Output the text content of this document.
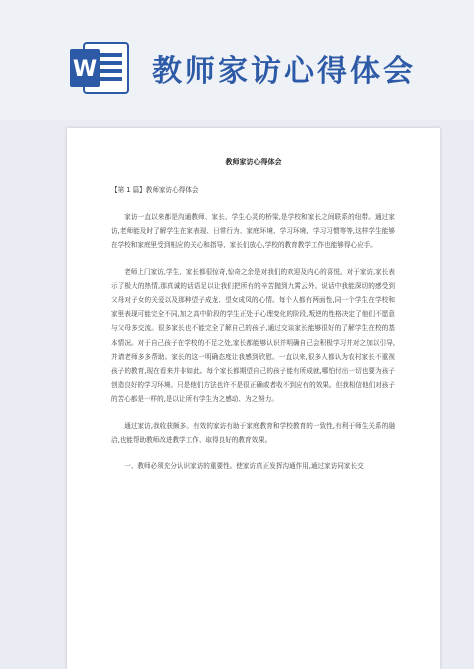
W 教师家访心得体会
教师家访心得体会
【第 1 篇】教师家访心得体会

家访一直以来都是沟通教师、家长、学生心灵的桥梁,是学校和家长之间联系的纽带。通过家访,老师能及时了解学生在家表现、日常行为、家庭环境、学习环境、学习习惯等等,这样学生能够在学校和家庭里受到相应的关心和指导、家长们放心,学校的教育教学工作也能够得心应手。

老师上门家访,学生、家长都很惊奇,惊奇之余是对我们的欢迎及内心的喜悦。对于家访,家长表示了极大的热情,那真诚的话语足以让我们把所有的辛苦抛到九霄云外。说话中我能深切的感受到父母对子女的关爱以及那种望子成龙、望女成凤的心情。每个人都有两面性,同一个学生在学校和家里表现可能完全不同,加之高中阶段的学生正处于心理变化的阶段,叛逆的性格决定了他们不愿意与父母多交流。很多家长也不能完全了解自己的孩子,通过交谈家长能够很好的了解学生在校的基本情况。对于自己孩子在学校的不足之处,家长都能够认识并明确自己会积极学习并对之加以引导,并请老师多多帮助。家长的这一明确态度让我感到欣慰。一直以来,很多人都认为农村家长不重视孩子的教育,现在看来并非如此。每个家长都期望自己的孩子能有所成就,哪怕付出一切也要为孩子创造良好的学习环境。只是他们方法也许不是很正确或者收不到应有的效果。但我相信他们对孩子的苦心都是一样的,是以让所有学生为之感动、为之努力。

通过家访,我收获颇多。有效的家访有助于家庭教育和学校教育的一致性,有利于师生关系的融洽,也能帮助教师改进教学工作、取得良好的教育效果。

一、教师必须充分认识家访的重要性。使家访真正发挥沟通作用,通过家访同家长交
